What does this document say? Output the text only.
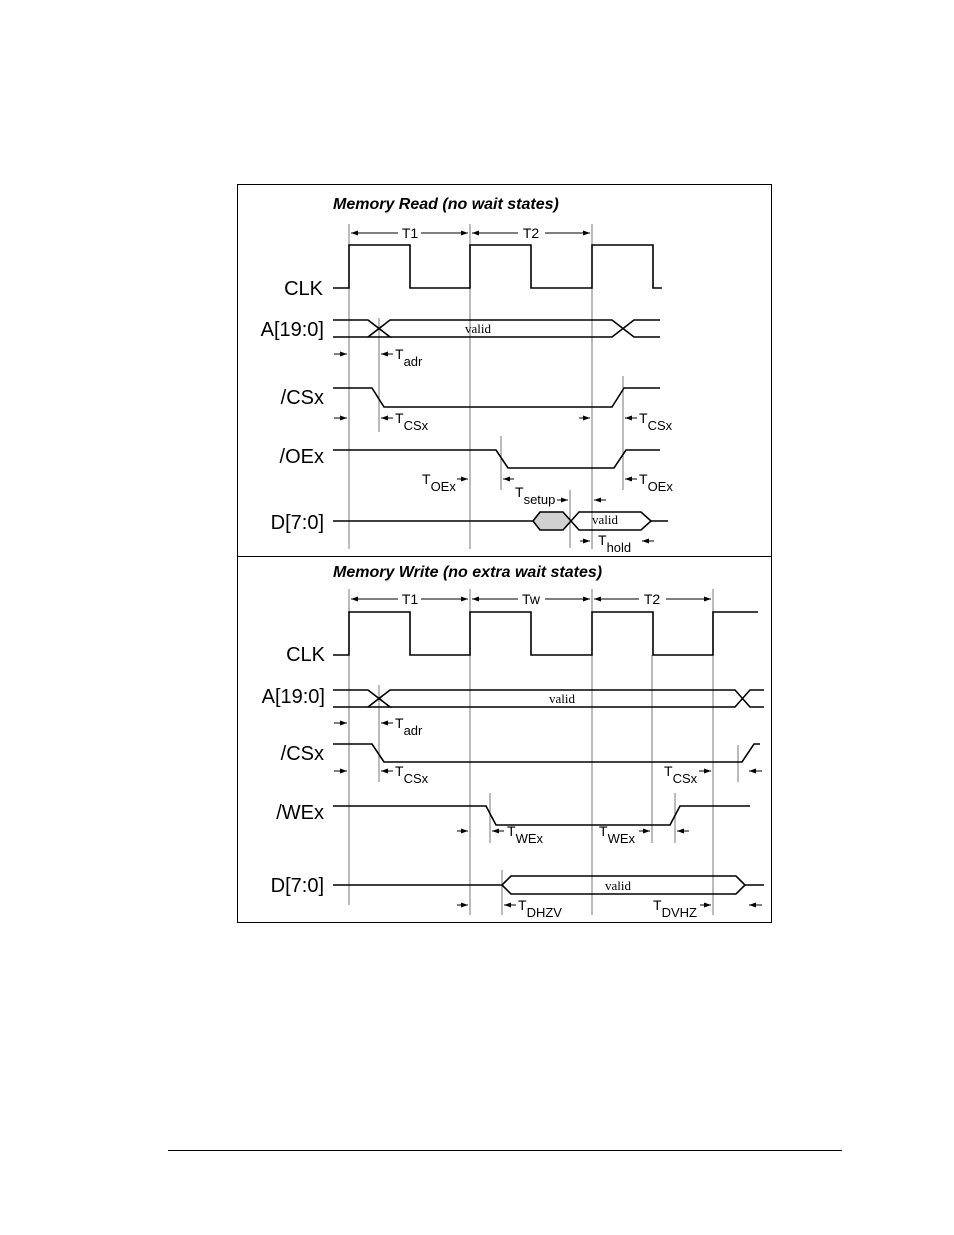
Memory Read (no wait states)
T1	T2
CLK
A[19:0]
/CSx
/OEx
D[7:0]
valid
Tadr
TCSx	TCSx
TOEx	TOEx
Tsetup
valid
Thold
Memory Write (no extra wait states)
T1	Tw	T2
CLK
A[19:0]
/CSx
/WEx
D[7:0]
valid
Tadr
TCSx	TCSx
TWEx	TWEx
valid
TDHZV	TDVHZ
